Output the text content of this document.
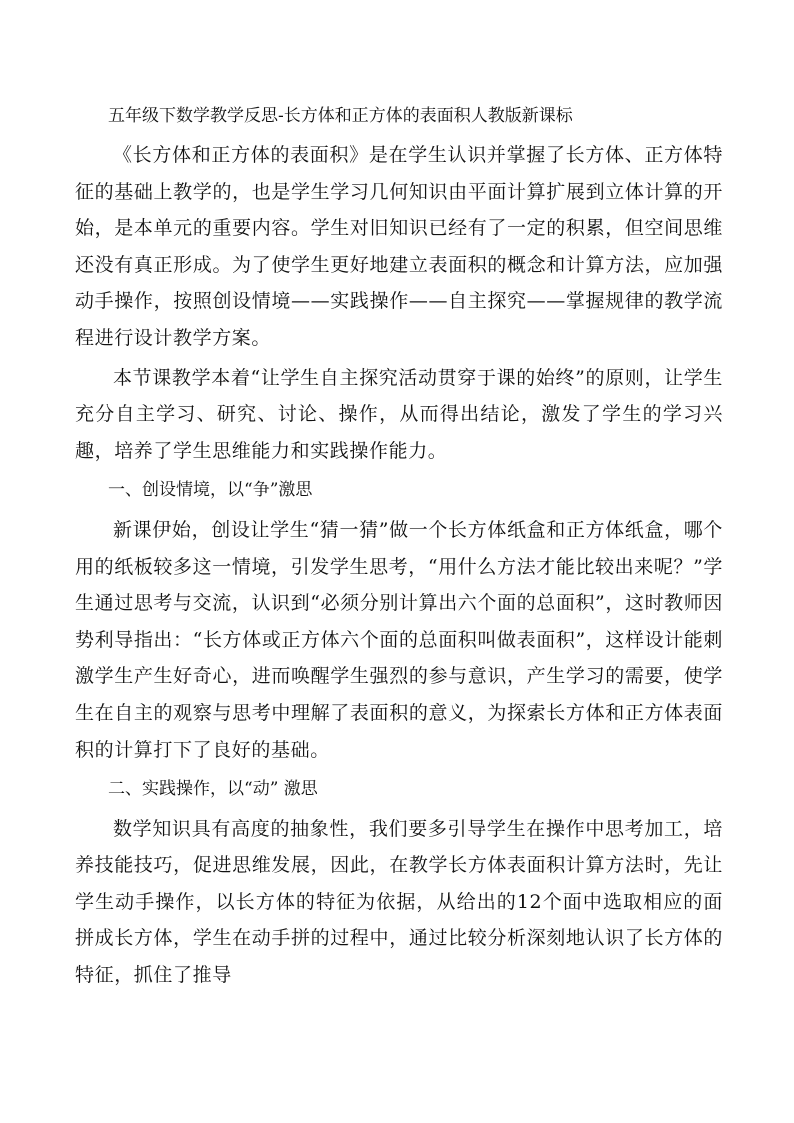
五年级下数学教学反思-长方体和正方体的表面积人教版新课标

《长方体和正方体的表面积》是在学生认识并掌握了长方体、正方体特征的基础上教学的，也是学生学习几何知识由平面计算扩展到立体计算的开始，是本单元的重要内容。学生对旧知识已经有了一定的积累，但空间思维还没有真正形成。为了使学生更好地建立表面积的概念和计算方法，应加强动手操作，按照创设情境——实践操作——自主探究——掌握规律的教学流程进行设计教学方案。

本节课教学本着“让学生自主探究活动贯穿于课的始终”的原则，让学生充分自主学习、研究、讨论、操作，从而得出结论，激发了学生的学习兴趣，培养了学生思维能力和实践操作能力。

一、创设情境，以“争”激思

新课伊始，创设让学生“猜一猜”做一个长方体纸盒和正方体纸盒，哪个用的纸板较多这一情境，引发学生思考，“用什么方法才能比较出来呢？”学生通过思考与交流，认识到“必须分别计算出六个面的总面积”，这时教师因势利导指出：“长方体或正方体六个面的总面积叫做表面积”，这样设计能刺激学生产生好奇心，进而唤醒学生强烈的参与意识，产生学习的需要，使学生在自主的观察与思考中理解了表面积的意义，为探索长方体和正方体表面积的计算打下了良好的基础。

二、实践操作，以“动” 激思

数学知识具有高度的抽象性，我们要多引导学生在操作中思考加工，培养技能技巧，促进思维发展，因此，在教学长方体表面积计算方法时，先让学生动手操作，以长方体的特征为依据，从给出的12个面中选取相应的面拼成长方体，学生在动手拼的过程中，通过比较分析深刻地认识了长方体的特征，抓住了推导
